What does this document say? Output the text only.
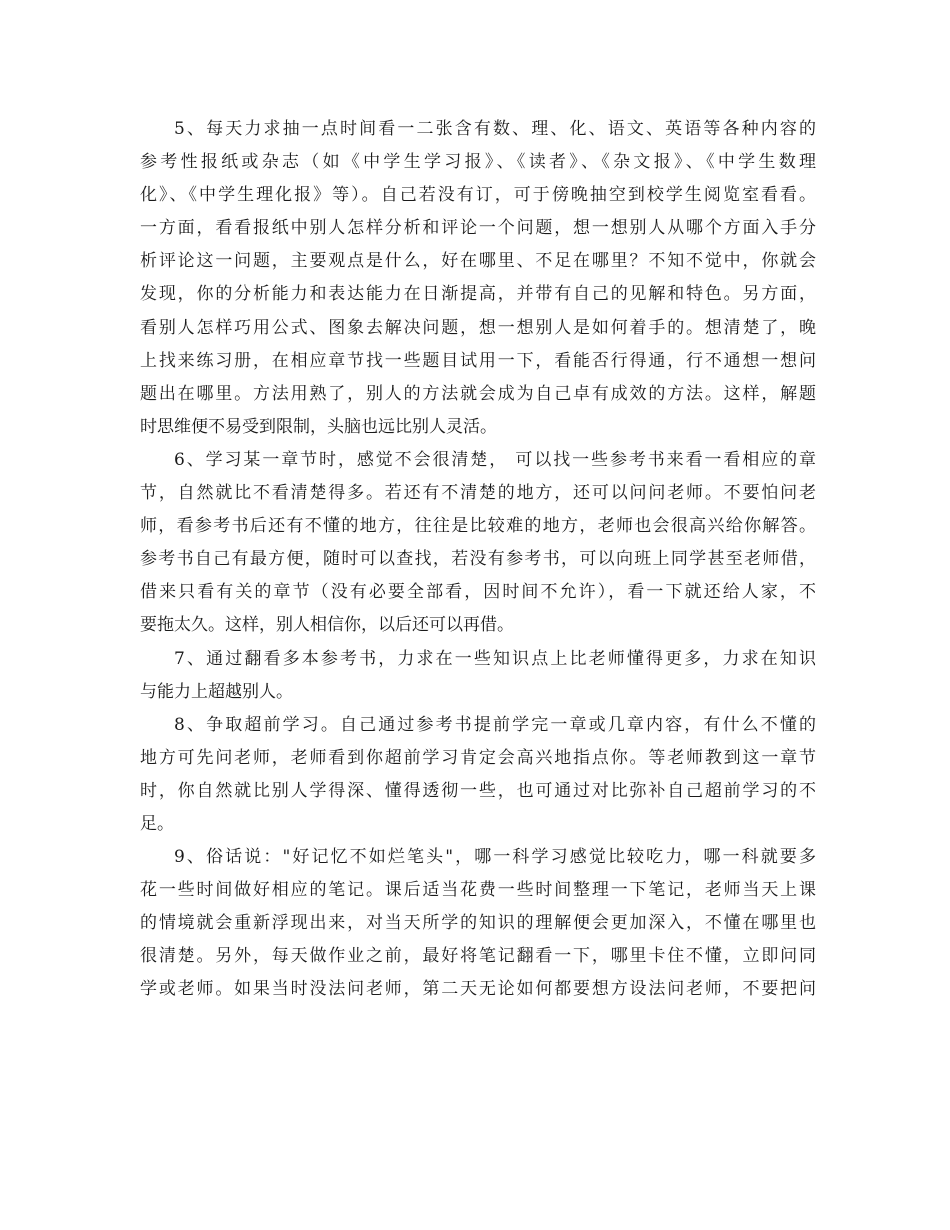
5、每天力求抽一点时间看一二张含有数、理、化、语文、英语等各种内容的
参考性报纸或杂志（如《中学生学习报》、《读者》、《杂文报》、《中学生数理
化》、《中学生理化报》等）。自己若没有订，可于傍晚抽空到校学生阅览室看看。
一方面，看看报纸中别人怎样分析和评论一个问题，想一想别人从哪个方面入手分
析评论这一问题，主要观点是什么，好在哪里、不足在哪里？不知不觉中，你就会
发现，你的分析能力和表达能力在日渐提高，并带有自己的见解和特色。另方面，
看别人怎样巧用公式、图象去解决问题，想一想别人是如何着手的。想清楚了，晚
上找来练习册，在相应章节找一些题目试用一下，看能否行得通，行不通想一想问
题出在哪里。方法用熟了，别人的方法就会成为自己卓有成效的方法。这样，解题
时思维便不易受到限制，头脑也远比别人灵活。
6、学习某一章节时，感觉不会很清楚， 可以找一些参考书来看一看相应的章
节，自然就比不看清楚得多。若还有不清楚的地方，还可以问问老师。不要怕问老
师，看参考书后还有不懂的地方，往往是比较难的地方，老师也会很高兴给你解答。
参考书自己有最方便，随时可以查找，若没有参考书，可以向班上同学甚至老师借，
借来只看有关的章节（没有必要全部看，因时间不允许），看一下就还给人家，不
要拖太久。这样，别人相信你，以后还可以再借。
7、通过翻看多本参考书，力求在一些知识点上比老师懂得更多，力求在知识
与能力上超越别人。
8、争取超前学习。自己通过参考书提前学完一章或几章内容，有什么不懂的
地方可先问老师，老师看到你超前学习肯定会高兴地指点你。等老师教到这一章节
时，你自然就比别人学得深、懂得透彻一些，也可通过对比弥补自己超前学习的不
足。
9、俗话说："好记忆不如烂笔头"，哪一科学习感觉比较吃力，哪一科就要多
花一些时间做好相应的笔记。课后适当花费一些时间整理一下笔记，老师当天上课
的情境就会重新浮现出来，对当天所学的知识的理解便会更加深入，不懂在哪里也
很清楚。另外，每天做作业之前，最好将笔记翻看一下，哪里卡住不懂，立即问同
学或老师。如果当时没法问老师，第二天无论如何都要想方设法问老师，不要把问
